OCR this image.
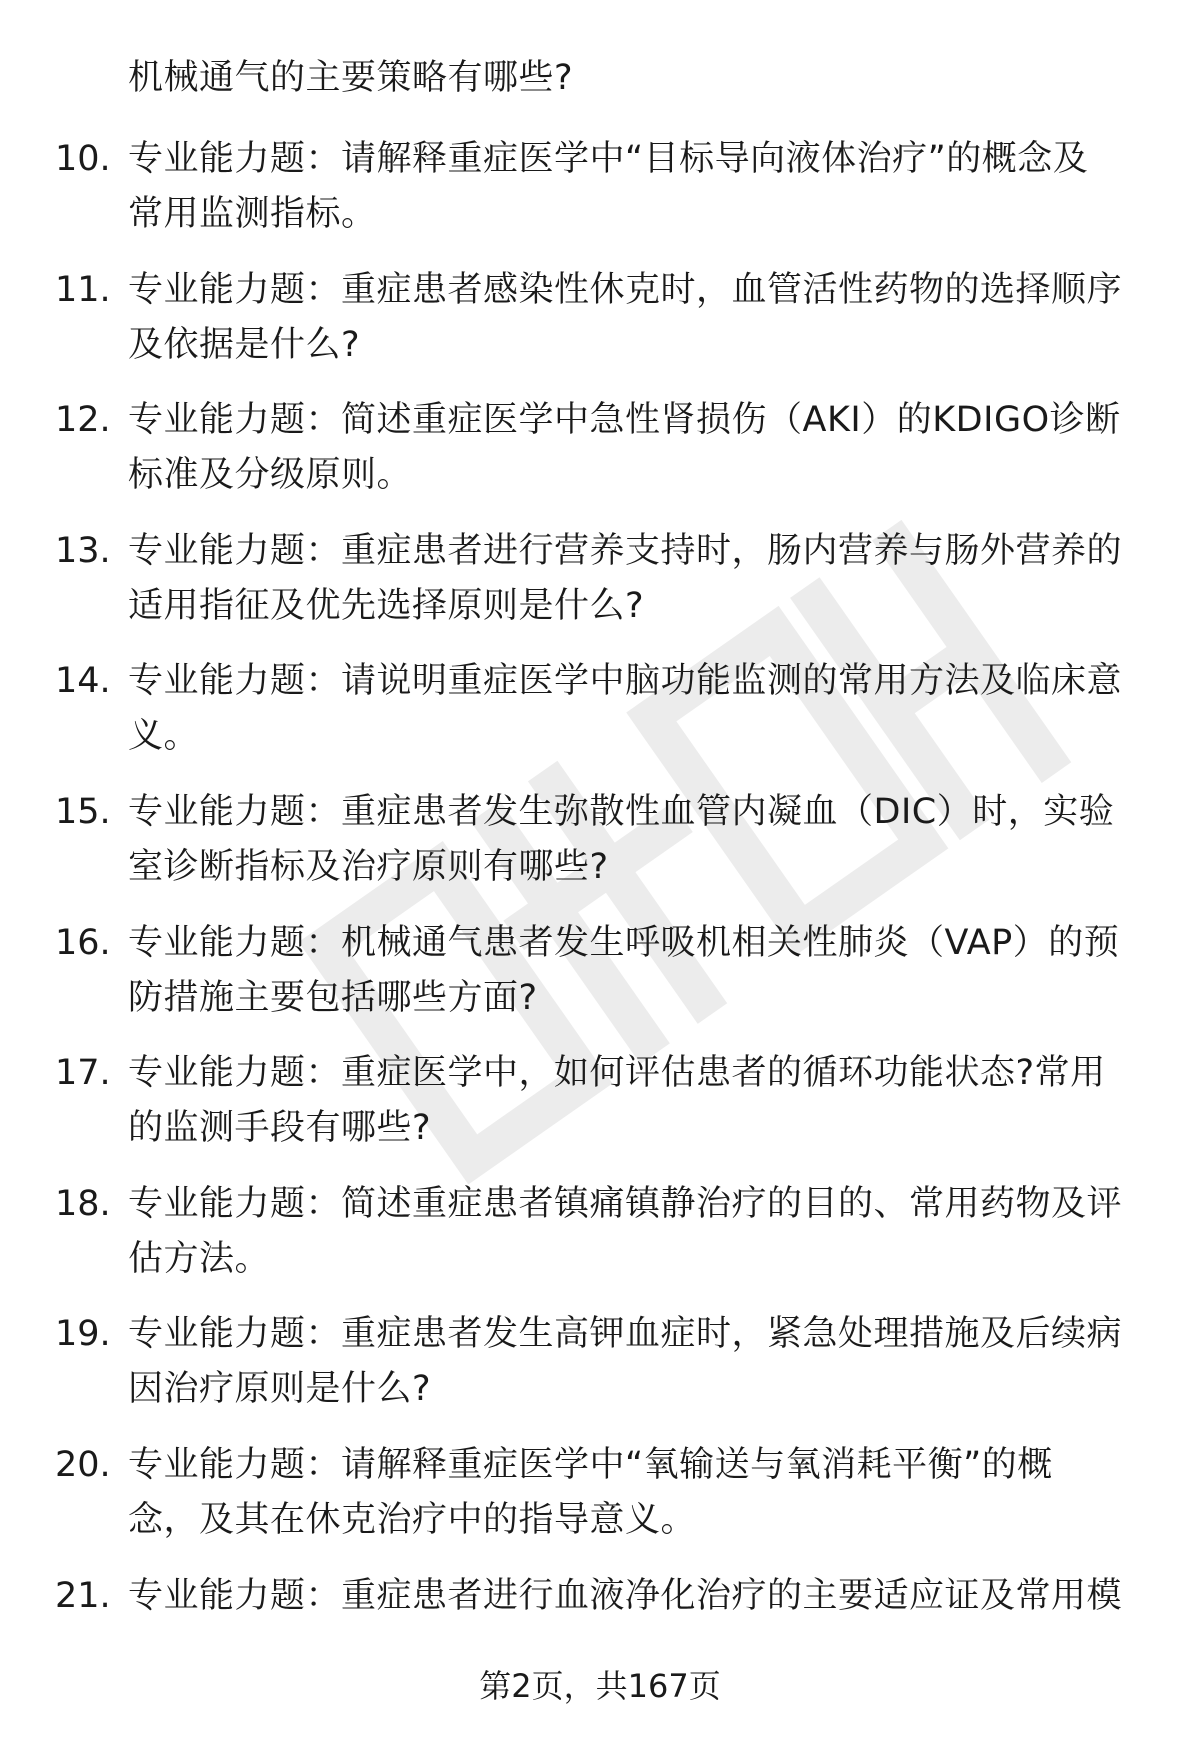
机械通气的主要策略有哪些?
10. 专业能力题：请解释重症医学中“目标导向液体治疗”的概念及
常用监测指标。
11. 专业能力题：重症患者感染性休克时，血管活性药物的选择顺序
及依据是什么?
12. 专业能力题：简述重症医学中急性肾损伤（AKI）的KDIGO诊断
标准及分级原则。
13. 专业能力题：重症患者进行营养支持时，肠内营养与肠外营养的
适用指征及优先选择原则是什么?
14. 专业能力题：请说明重症医学中脑功能监测的常用方法及临床意
义。
15. 专业能力题：重症患者发生弥散性血管内凝血（DIC）时，实验
室诊断指标及治疗原则有哪些?
16. 专业能力题：机械通气患者发生呼吸机相关性肺炎（VAP）的预
防措施主要包括哪些方面?
17. 专业能力题：重症医学中，如何评估患者的循环功能状态?常用
的监测手段有哪些?
18. 专业能力题：简述重症患者镇痛镇静治疗的目的、常用药物及评
估方法。
19. 专业能力题：重症患者发生高钾血症时，紧急处理措施及后续病
因治疗原则是什么?
20. 专业能力题：请解释重症医学中“氧输送与氧消耗平衡”的概
念，及其在休克治疗中的指导意义。
21. 专业能力题：重症患者进行血液净化治疗的主要适应证及常用模
第2页，共167页
